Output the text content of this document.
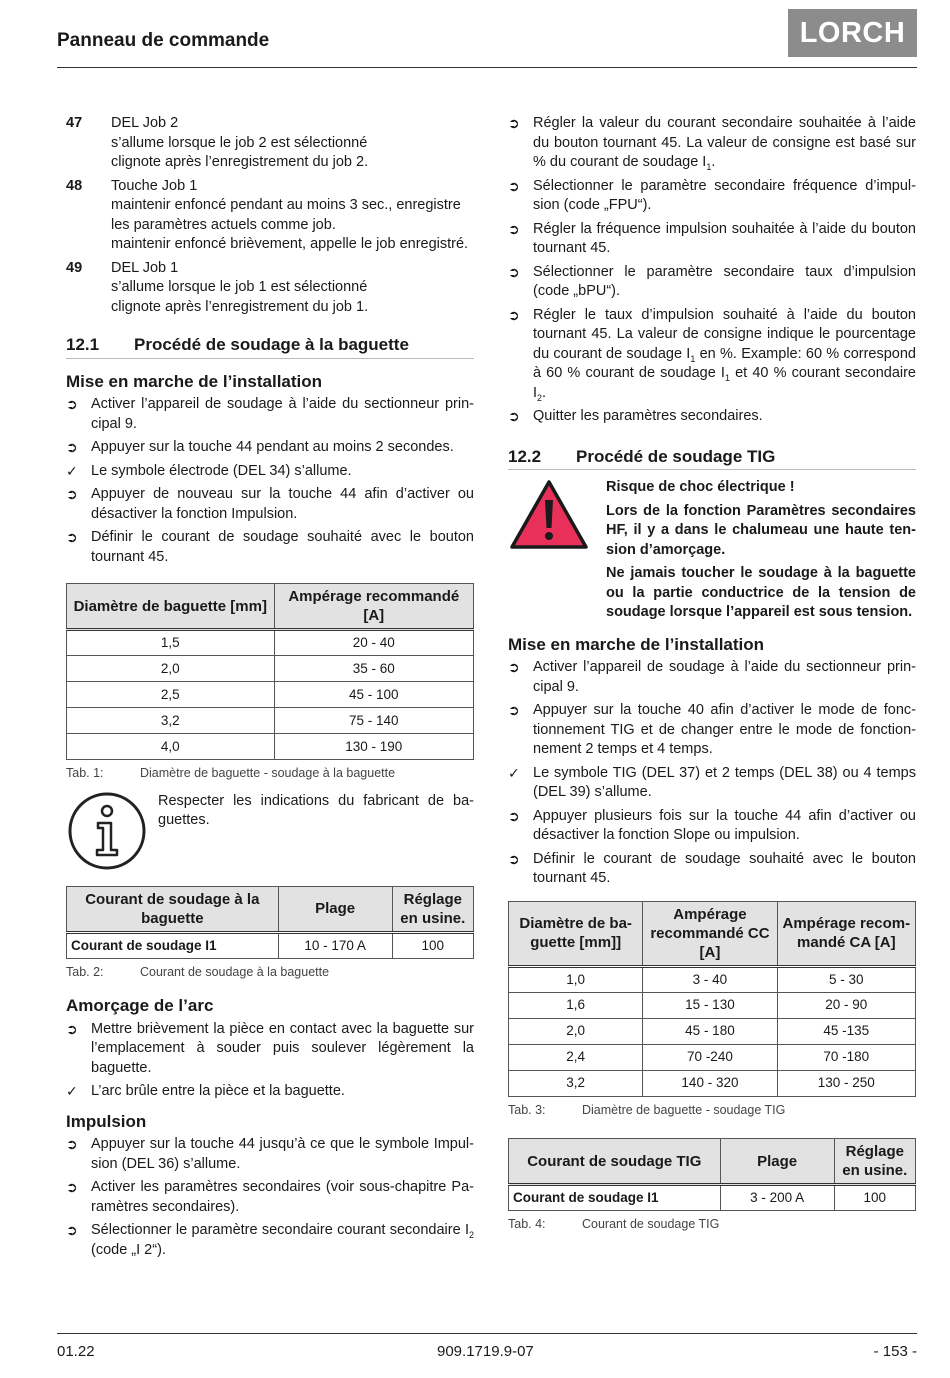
Panneau de commande	LORCH
47	DEL Job 2
s’allume lorsque le job 2 est sélectionné
clignote après l’enregistrement du job 2.
48	Touche Job 1
maintenir enfoncé pendant au moins 3 sec., enregistre les paramètres actuels comme job.
maintenir enfoncé brièvement, appelle le job enregistré.
49	DEL Job 1
s’allume lorsque le job 1 est sélectionné
clignote après l’enregistrement du job 1.
12.1	Procédé de soudage à la baguette
Mise en marche de l’installation
➲ Activer l’appareil de soudage à l’aide du sectionneur principal 9.
➲ Appuyer sur la touche 44 pendant au moins 2 secondes.
✓ Le symbole électrode (DEL 34) s’allume.
➲ Appuyer de nouveau sur la touche 44 afin d’activer ou désactiver la fonction Impulsion.
➲ Définir le courant de soudage souhaité avec le bouton tournant 45.
Diamètre de baguette [mm]	Ampérage recommandé [A]
1,5	20 - 40
2,0	35 - 60
2,5	45 - 100
3,2	75 - 140
4,0	130 - 190
Tab. 1:	Diamètre de baguette - soudage à la baguette
Respecter les indications du fabricant de baguettes.
Courant de soudage à la baguette	Plage	Réglage en usine.
Courant de soudage I1	10 - 170 A	100
Tab. 2:	Courant de soudage à la baguette
Amorçage de l’arc
➲ Mettre brièvement la pièce en contact avec la baguette sur l’emplacement à souder puis soulever légèrement la baguette.
✓ L’arc brûle entre la pièce et la baguette.
Impulsion
➲ Appuyer sur la touche 44 jusqu’à ce que le symbole Impulsion (DEL 36) s’allume.
➲ Activer les paramètres secondaires (voir sous-chapitre Paramètres secondaires).
➲ Sélectionner le paramètre secondaire courant secondaire $I_2$ (code „I 2“).
➲ Régler la valeur du courant secondaire souhaitée à l’aide du bouton tournant 45. La valeur de consigne est basé sur % du courant de soudage $I_1$.
➲ Sélectionner le paramètre secondaire fréquence d’impulsion (code „FPU“).
➲ Régler la fréquence impulsion souhaitée à l’aide du bouton tournant 45.
➲ Sélectionner le paramètre secondaire taux d’impulsion (code „bPU“).
➲ Régler le taux d’impulsion souhaité à l’aide du bouton tournant 45. La valeur de consigne indique le pourcentage du courant de soudage $I_1$ en %. Example: 60 % correspond à 60 % courant de soudage $I_1$ et 40 % courant secondaire $I_2$.
➲ Quitter les paramètres secondaires.
12.2	Procédé de soudage TIG

Risque de choc électrique !

Lors de la fonction Paramètres secondaires HF, il y a dans le chalumeau une haute tension d’amorçage.

Ne jamais toucher le soudage à la baguette ou la partie conductrice de la tension de soudage lorsque l’appareil est sous tension.

Mise en marche de l’installation
➲ Activer l’appareil de soudage à l’aide du sectionneur principal 9.
➲ Appuyer sur la touche 40 afin d’activer le mode de fonctionnement TIG et de changer entre le mode de fonctionnement 2 temps et 4 temps.
✓ Le symbole TIG (DEL 37) et 2 temps (DEL 38) ou 4 temps (DEL 39) s’allume.
➲ Appuyer plusieurs fois sur la touche 44 afin d’activer ou désactiver la fonction Slope ou impulsion.
➲ Définir le courant de soudage souhaité avec le bouton tournant 45.
Diamètre de baguette [mm]]	Ampérage recommandé CC [A]	Ampérage recommandé CA [A]
1,0	3 - 40	5 - 30
1,6	15 - 130	20 - 90
2,0	45 - 180	45 -135
2,4	70 -240	70 -180
3,2	140 - 320	130 - 250
Tab. 3:	Diamètre de baguette - soudage TIG
Courant de soudage TIG	Plage	Réglage en usine.
Courant de soudage I1	3 - 200 A	100
Tab. 4:	Courant de soudage TIG
01.22	909.1719.9-07	- 153 -
